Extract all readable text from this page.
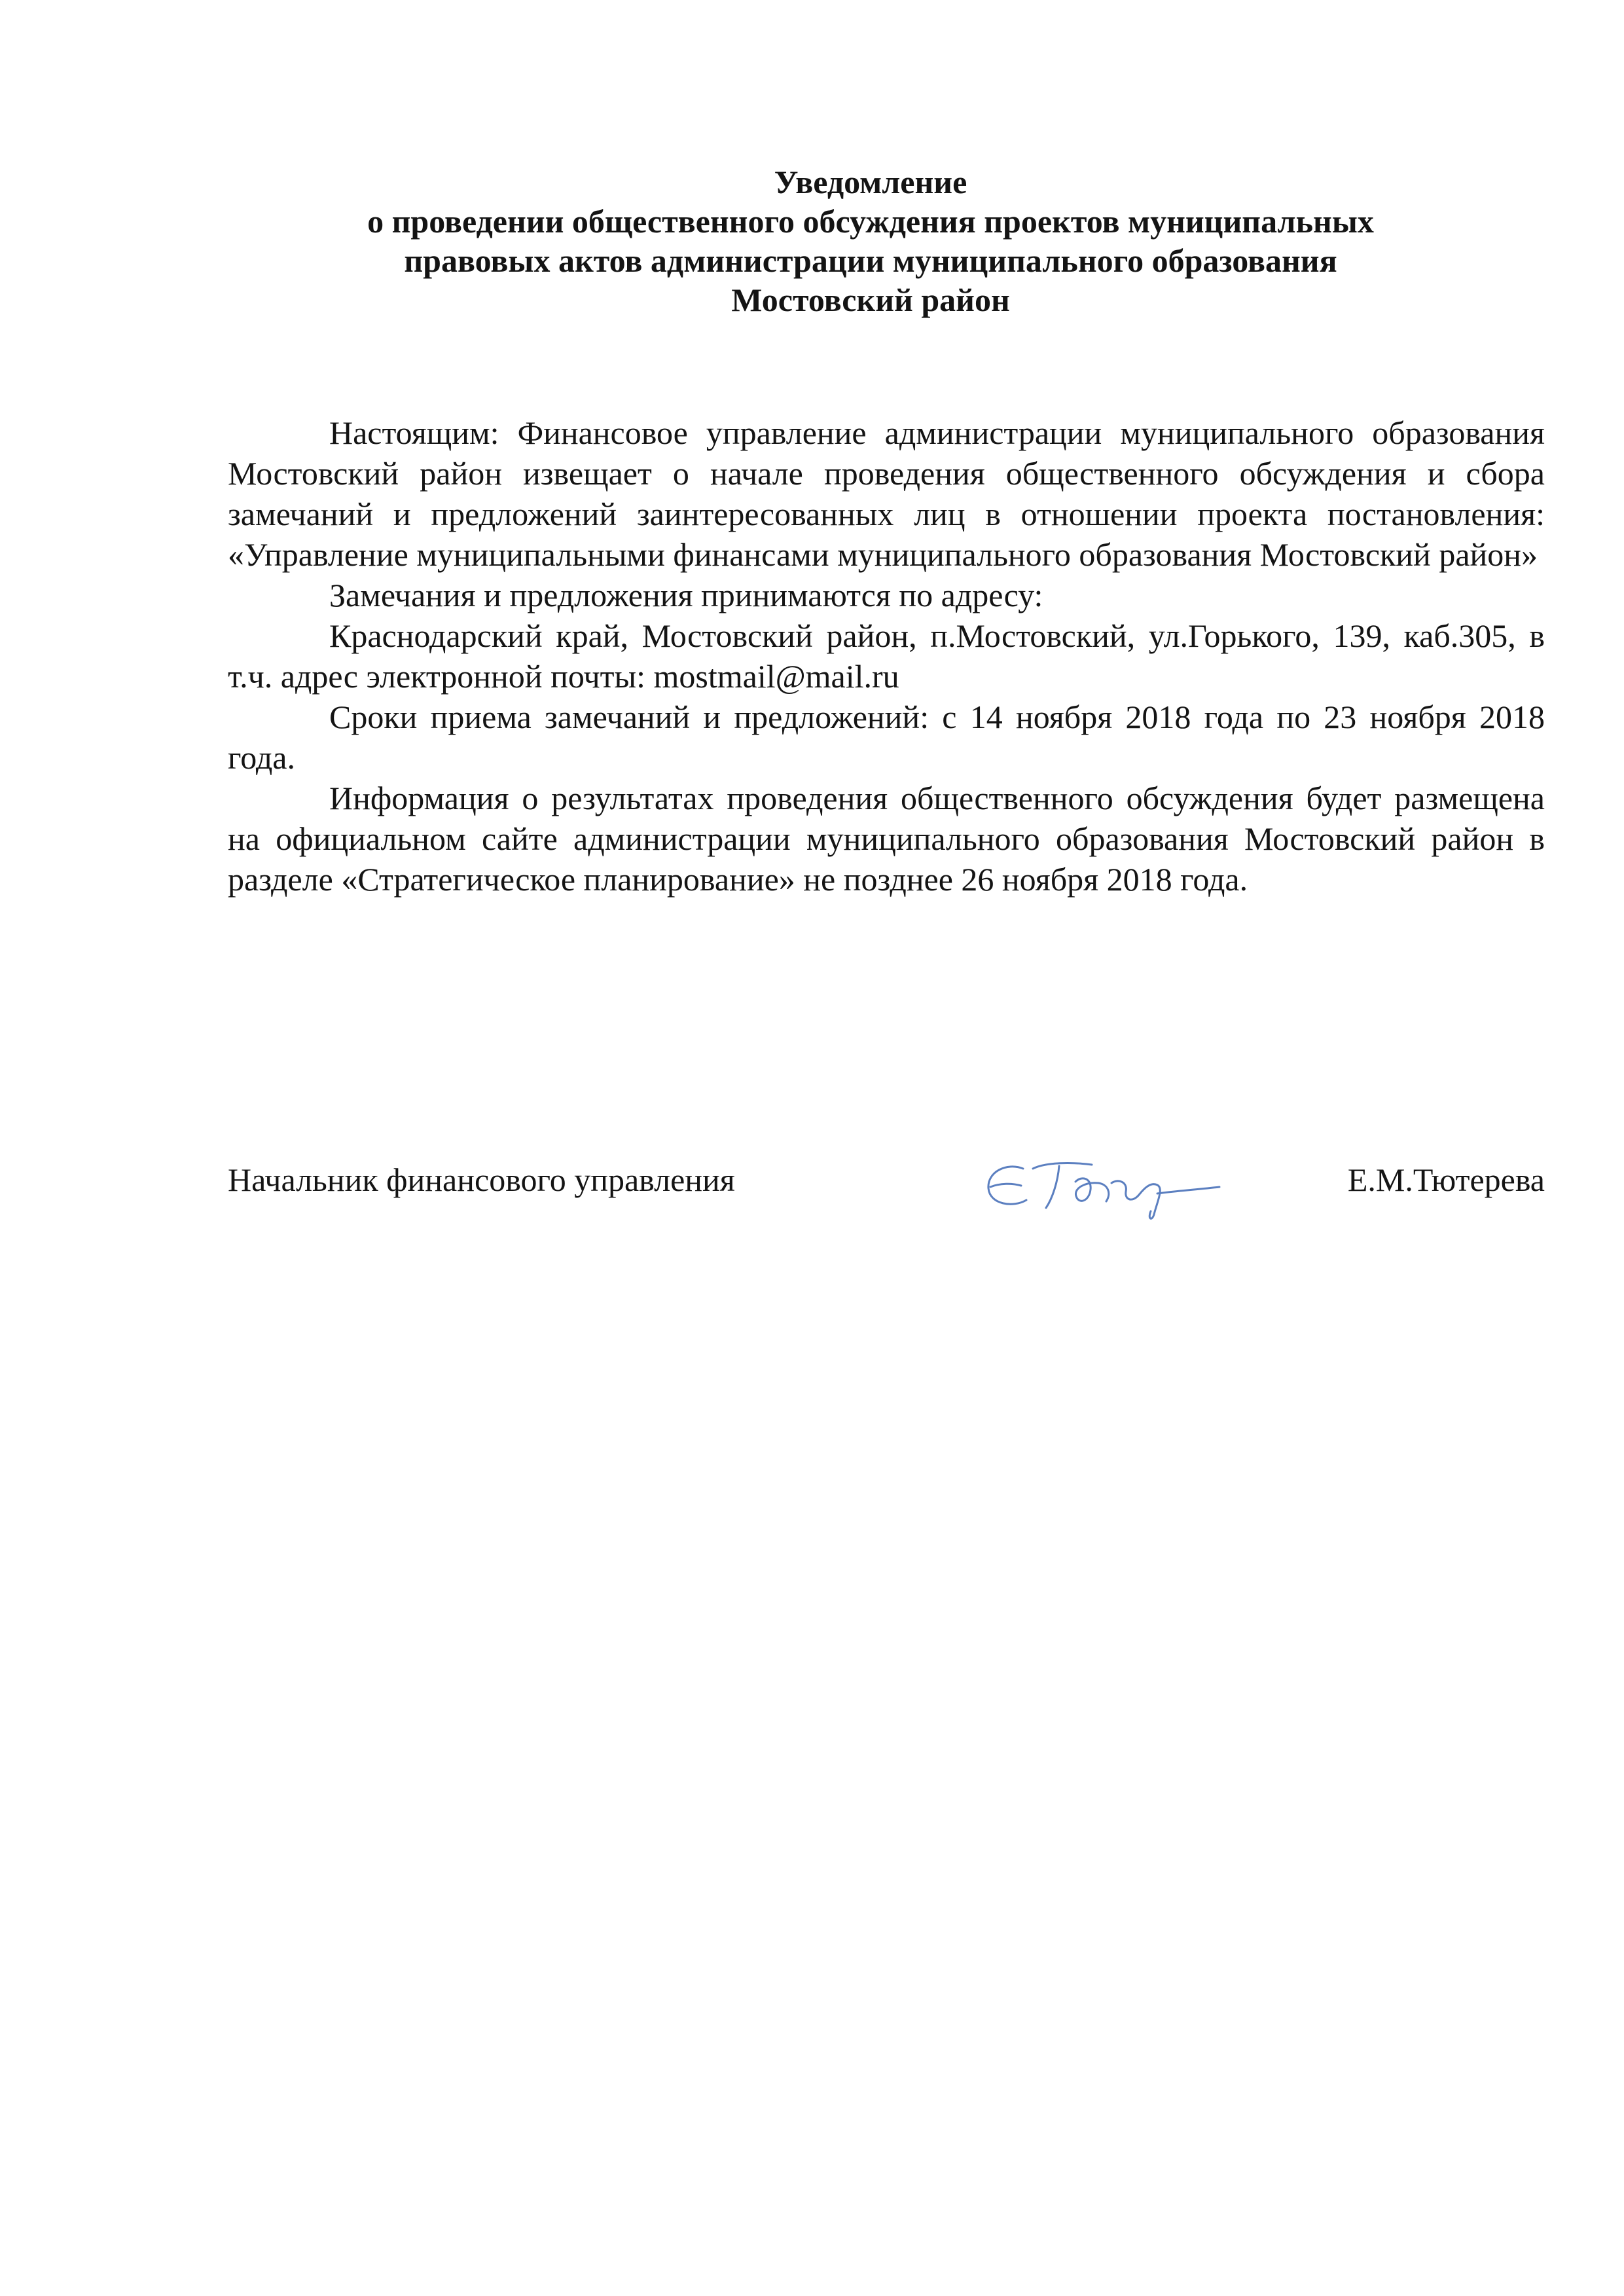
Уведомление
о проведении общественного обсуждения проектов муниципальных
правовых актов администрации муниципального образования
Мостовский район

Настоящим: Финансовое управление администрации муниципального образования Мостовский район извещает о начале проведения общественного обсуждения и сбора замечаний и предложений заинтересованных лиц в отношении проекта постановления: «Управление муниципальными финансами муниципального образования Мостовский район»

Замечания и предложения принимаются по адресу:

Краснодарский край, Мостовский район, п.Мостовский, ул.Горького, 139, каб.305, в т.ч. адрес электронной почты: mostmail@mail.ru

Сроки приема замечаний и предложений: с 14 ноября 2018 года по 23 ноября 2018 года.

Информация о результатах проведения общественного обсуждения будет размещена на официальном сайте администрации муниципального образования Мостовский район в разделе «Стратегическое планирование» не позднее 26 ноября 2018 года.

Начальник финансового управления	Е.М.Тютерева
